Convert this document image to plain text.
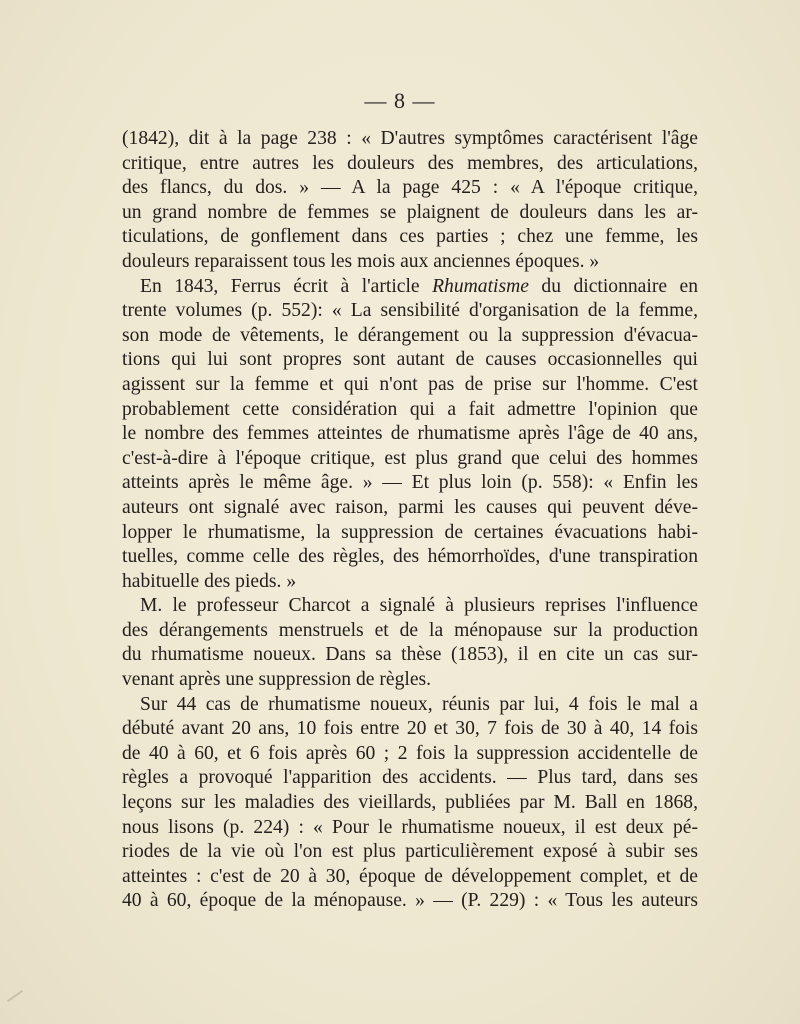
— 8 —
(1842), dit à la page 238 : « D'autres symptômes caractérisent l'âge
critique, entre autres les douleurs des membres, des articulations,
des flancs, du dos. » — A la page 425 : « A l'époque critique,
un grand nombre de femmes se plaignent de douleurs dans les ar-
ticulations, de gonflement dans ces parties ; chez une femme, les
douleurs reparaissent tous les mois aux anciennes époques. »
En 1843, Ferrus écrit à l'article Rhumatisme du dictionnaire en
trente volumes (p. 552): « La sensibilité d'organisation de la femme,
son mode de vêtements, le dérangement ou la suppression d'évacua-
tions qui lui sont propres sont autant de causes occasionnelles qui
agissent sur la femme et qui n'ont pas de prise sur l'homme. C'est
probablement cette considération qui a fait admettre l'opinion que
le nombre des femmes atteintes de rhumatisme après l'âge de 40 ans,
c'est-à-dire à l'époque critique, est plus grand que celui des hommes
atteints après le même âge. » — Et plus loin (p. 558): « Enfin les
auteurs ont signalé avec raison, parmi les causes qui peuvent déve-
lopper le rhumatisme, la suppression de certaines évacuations habi-
tuelles, comme celle des règles, des hémorrhoïdes, d'une transpiration
habituelle des pieds. »
M. le professeur Charcot a signalé à plusieurs reprises l'influence
des dérangements menstruels et de la ménopause sur la production
du rhumatisme noueux. Dans sa thèse (1853), il en cite un cas sur-
venant après une suppression de règles.
Sur 44 cas de rhumatisme noueux, réunis par lui, 4 fois le mal a
débuté avant 20 ans, 10 fois entre 20 et 30, 7 fois de 30 à 40, 14 fois
de 40 à 60, et 6 fois après 60 ; 2 fois la suppression accidentelle de
règles a provoqué l'apparition des accidents. — Plus tard, dans ses
leçons sur les maladies des vieillards, publiées par M. Ball en 1868,
nous lisons (p. 224) : « Pour le rhumatisme noueux, il est deux pé-
riodes de la vie où l'on est plus particulièrement exposé à subir ses
atteintes : c'est de 20 à 30, époque de développement complet, et de
40 à 60, époque de la ménopause. » — (P. 229) : « Tous les auteurs
